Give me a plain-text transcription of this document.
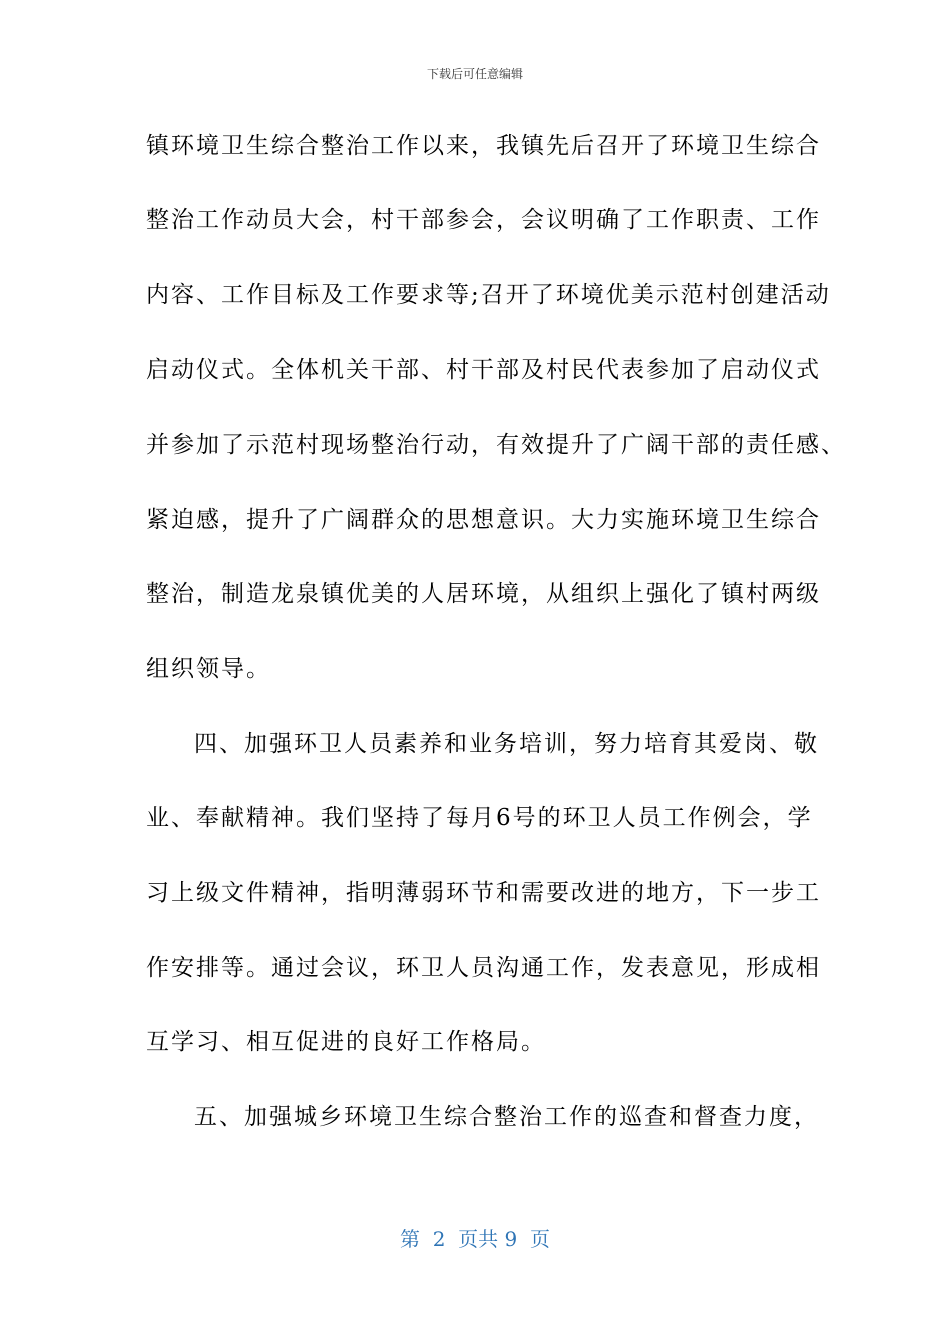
下载后可任意编辑
镇环境卫生综合整治工作以来，我镇先后召开了环境卫生综合
整治工作动员大会，村干部参会，会议明确了工作职责、工作
内容、工作目标及工作要求等;召开了环境优美示范村创建活动
启动仪式。全体机关干部、村干部及村民代表参加了启动仪式
并参加了示范村现场整治行动，有效提升了广阔干部的责任感、
紧迫感，提升了广阔群众的思想意识。大力实施环境卫生综合
整治，制造龙泉镇优美的人居环境，从组织上强化了镇村两级
组织领导。
四、加强环卫人员素养和业务培训，努力培育其爱岗、敬
业、奉献精神。我们坚持了每月6号的环卫人员工作例会，学
习上级文件精神，指明薄弱环节和需要改进的地方，下一步工
作安排等。通过会议，环卫人员沟通工作，发表意见，形成相
互学习、相互促进的良好工作格局。
五、加强城乡环境卫生综合整治工作的巡查和督查力度，
第  2  页共 9  页
